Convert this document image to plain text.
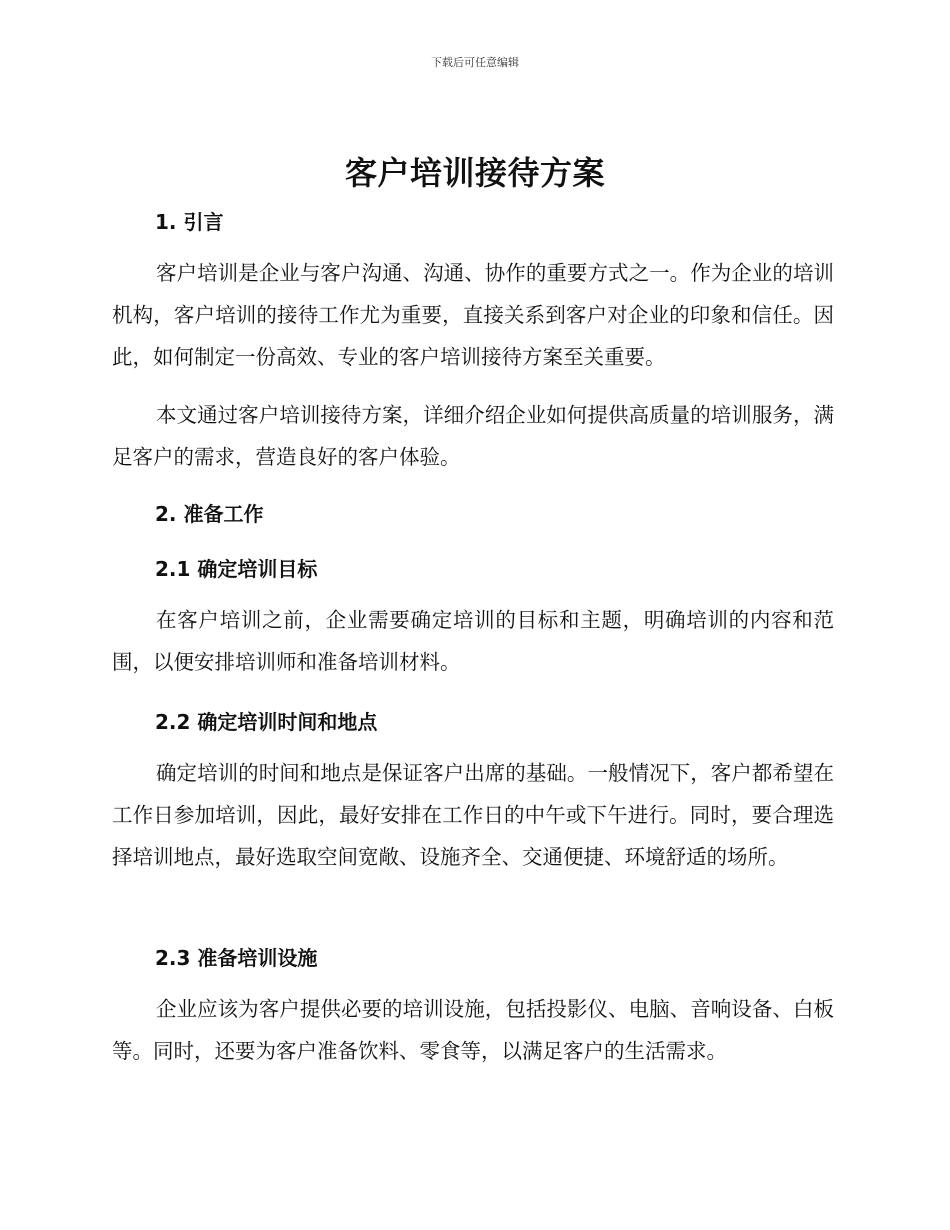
下载后可任意编辑
客户培训接待方案
1. 引言

客户培训是企业与客户沟通、沟通、协作的重要方式之一。作为企业的培训机构，客户培训的接待工作尤为重要，直接关系到客户对企业的印象和信任。因此，如何制定一份高效、专业的客户培训接待方案至关重要。

本文通过客户培训接待方案，详细介绍企业如何提供高质量的培训服务，满足客户的需求，营造良好的客户体验。

2. 准备工作
2.1 确定培训目标

在客户培训之前，企业需要确定培训的目标和主题，明确培训的内容和范围，以便安排培训师和准备培训材料。

2.2 确定培训时间和地点

确定培训的时间和地点是保证客户出席的基础。一般情况下，客户都希望在工作日参加培训，因此，最好安排在工作日的中午或下午进行。同时，要合理选择培训地点，最好选取空间宽敞、设施齐全、交通便捷、环境舒适的场所。

2.3 准备培训设施

企业应该为客户提供必要的培训设施，包括投影仪、电脑、音响设备、白板等。同时，还要为客户准备饮料、零食等，以满足客户的生活需求。
